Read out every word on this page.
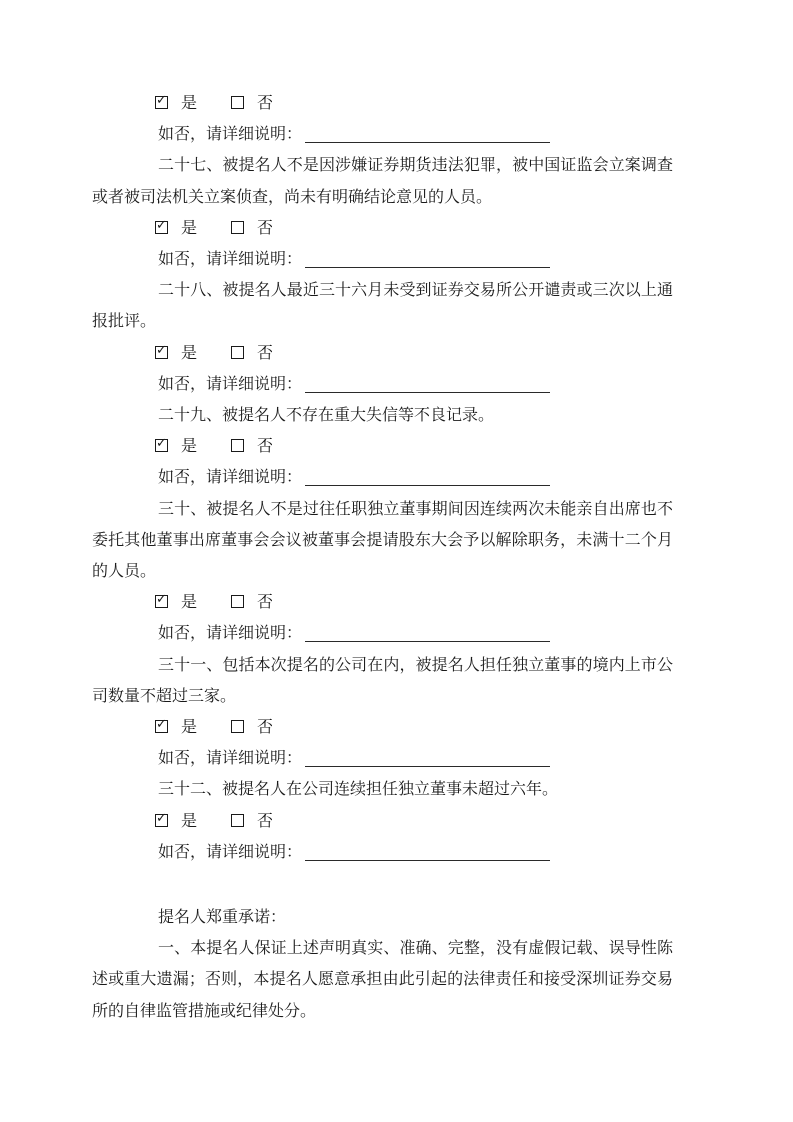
✓ 是	否
如否，请详细说明：

二十七、被提名人不是因涉嫌证券期货违法犯罪，被中国证监会立案调查或者被司法机关立案侦查，尚未有明确结论意见的人员。

✓ 是	否
如否，请详细说明：

二十八、被提名人最近三十六月未受到证券交易所公开谴责或三次以上通报批评。

✓ 是	否
如否，请详细说明：

二十九、被提名人不存在重大失信等不良记录。

✓ 是	否
如否，请详细说明：

三十、被提名人不是过往任职独立董事期间因连续两次未能亲自出席也不委托其他董事出席董事会会议被董事会提请股东大会予以解除职务，未满十二个月的人员。

✓ 是	否
如否，请详细说明：

三十一、包括本次提名的公司在内，被提名人担任独立董事的境内上市公司数量不超过三家。

✓ 是	否
如否，请详细说明：

三十二、被提名人在公司连续担任独立董事未超过六年。

✓ 是	否
如否，请详细说明：

提名人郑重承诺：

一、本提名人保证上述声明真实、准确、完整，没有虚假记载、误导性陈述或重大遗漏；否则，本提名人愿意承担由此引起的法律责任和接受深圳证券交易所的自律监管措施或纪律处分。
